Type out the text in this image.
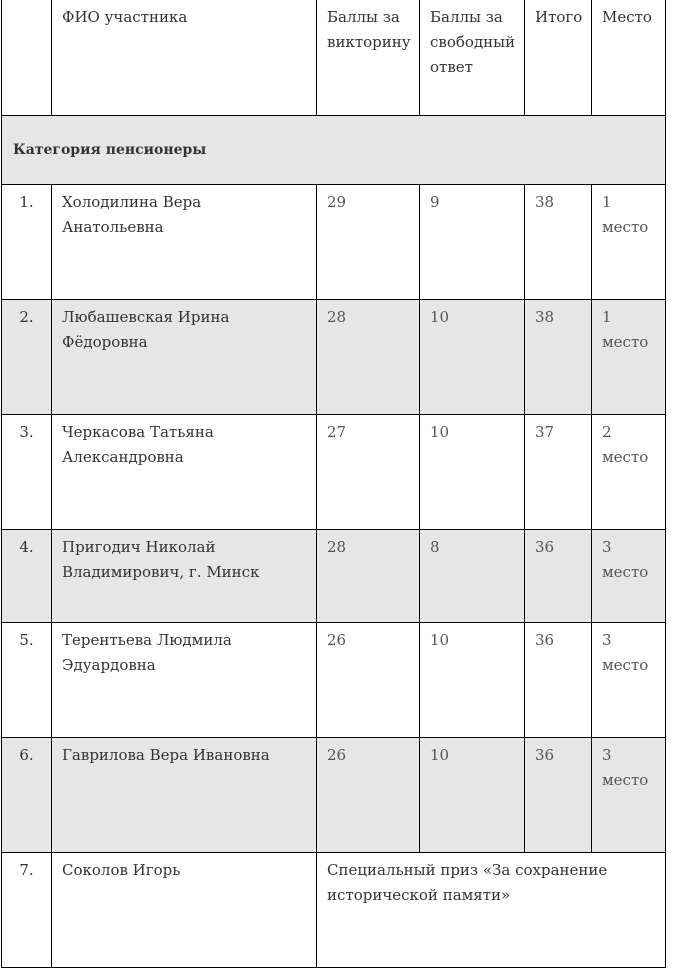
	ФИО участника	Баллы за викторину	Баллы за свободный ответ	Итого	Место
Категория пенсионеры					
1.	Холодилина Вера Анатольевна	29	9	38	1 место
2.	Любашевская Ирина Фёдоровна	28	10	38	1 место
3.	Черкасова Татьяна Александровна	27	10	37	2 место
4.	Пригодич Николай Владимирович, г. Минск	28	8	36	3 место
5.	Терентьева Людмила Эдуардовна	26	10	36	3 место
6.	Гаврилова Вера Ивановна	26	10	36	3 место
7.	Соколов Игорь	Специальный приз «За сохранение исторической памяти»			
